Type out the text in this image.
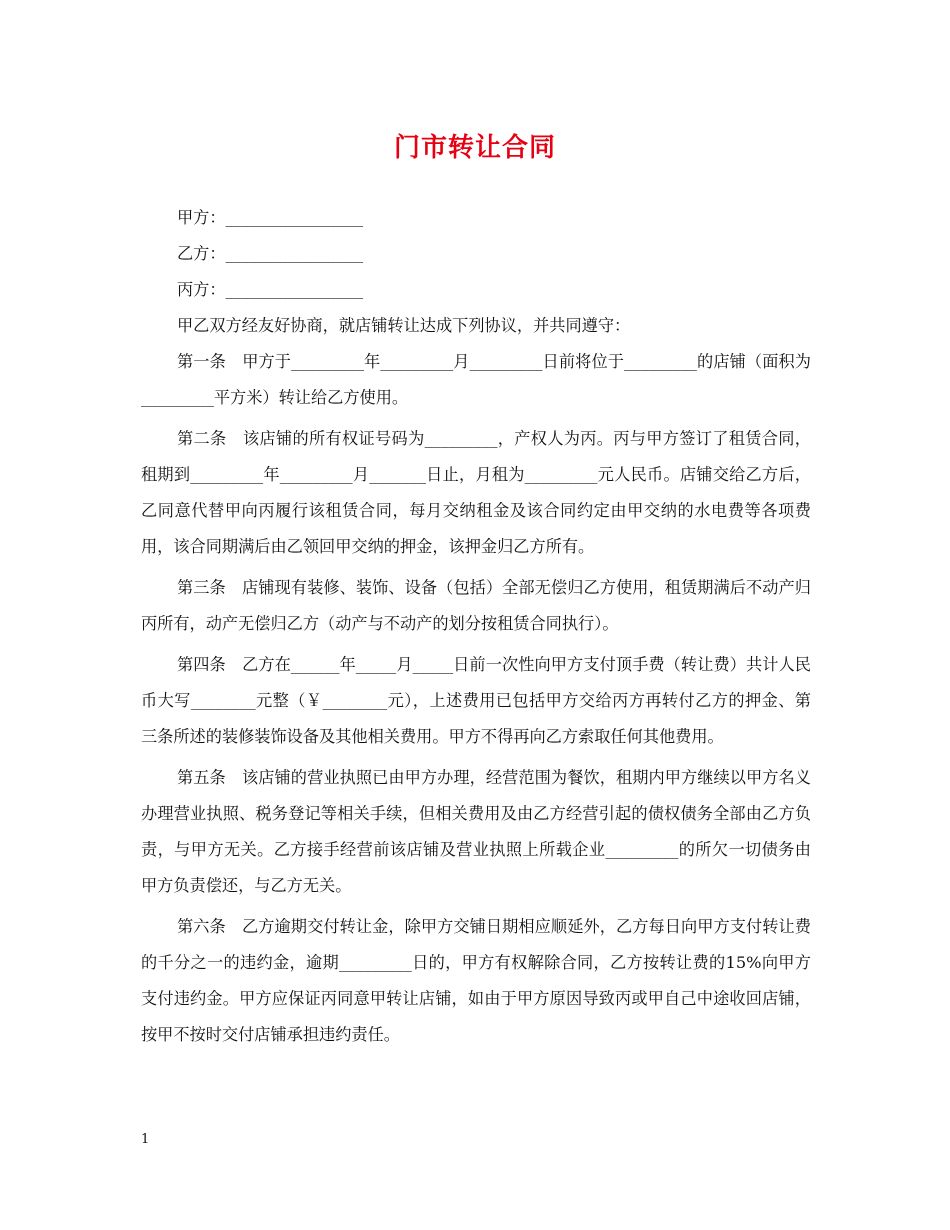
门市转让合同

甲方：_________________

乙方：_________________

丙方：_________________

甲乙双方经友好协商，就店铺转让达成下列协议，并共同遵守：

第一条　甲方于_________年_________月_________日前将位于_________的店铺（面积为_________平方米）转让给乙方使用。

第二条　该店铺的所有权证号码为_________，产权人为丙。丙与甲方签订了租赁合同，租期到_________年_________月_______日止，月租为_________元人民币。店铺交给乙方后，乙同意代替甲向丙履行该租赁合同，每月交纳租金及该合同约定由甲交纳的水电费等各项费用，该合同期满后由乙领回甲交纳的押金，该押金归乙方所有。

第三条　店铺现有装修、装饰、设备（包括）全部无偿归乙方使用，租赁期满后不动产归丙所有，动产无偿归乙方（动产与不动产的划分按租赁合同执行）。

第四条　乙方在______年_____月_____日前一次性向甲方支付顶手费（转让费）共计人民币大写________元整（￥________元），上述费用已包括甲方交给丙方再转付乙方的押金、第三条所述的装修装饰设备及其他相关费用。甲方不得再向乙方索取任何其他费用。

第五条　该店铺的营业执照已由甲方办理，经营范围为餐饮，租期内甲方继续以甲方名义办理营业执照、税务登记等相关手续，但相关费用及由乙方经营引起的债权债务全部由乙方负责，与甲方无关。乙方接手经营前该店铺及营业执照上所载企业_________的所欠一切债务由甲方负责偿还，与乙方无关。

第六条　乙方逾期交付转让金，除甲方交铺日期相应顺延外，乙方每日向甲方支付转让费的千分之一的违约金，逾期_________日的，甲方有权解除合同，乙方按转让费的15%向甲方支付违约金。甲方应保证丙同意甲转让店铺，如由于甲方原因导致丙或甲自己中途收回店铺，按甲不按时交付店铺承担违约责任。

1
